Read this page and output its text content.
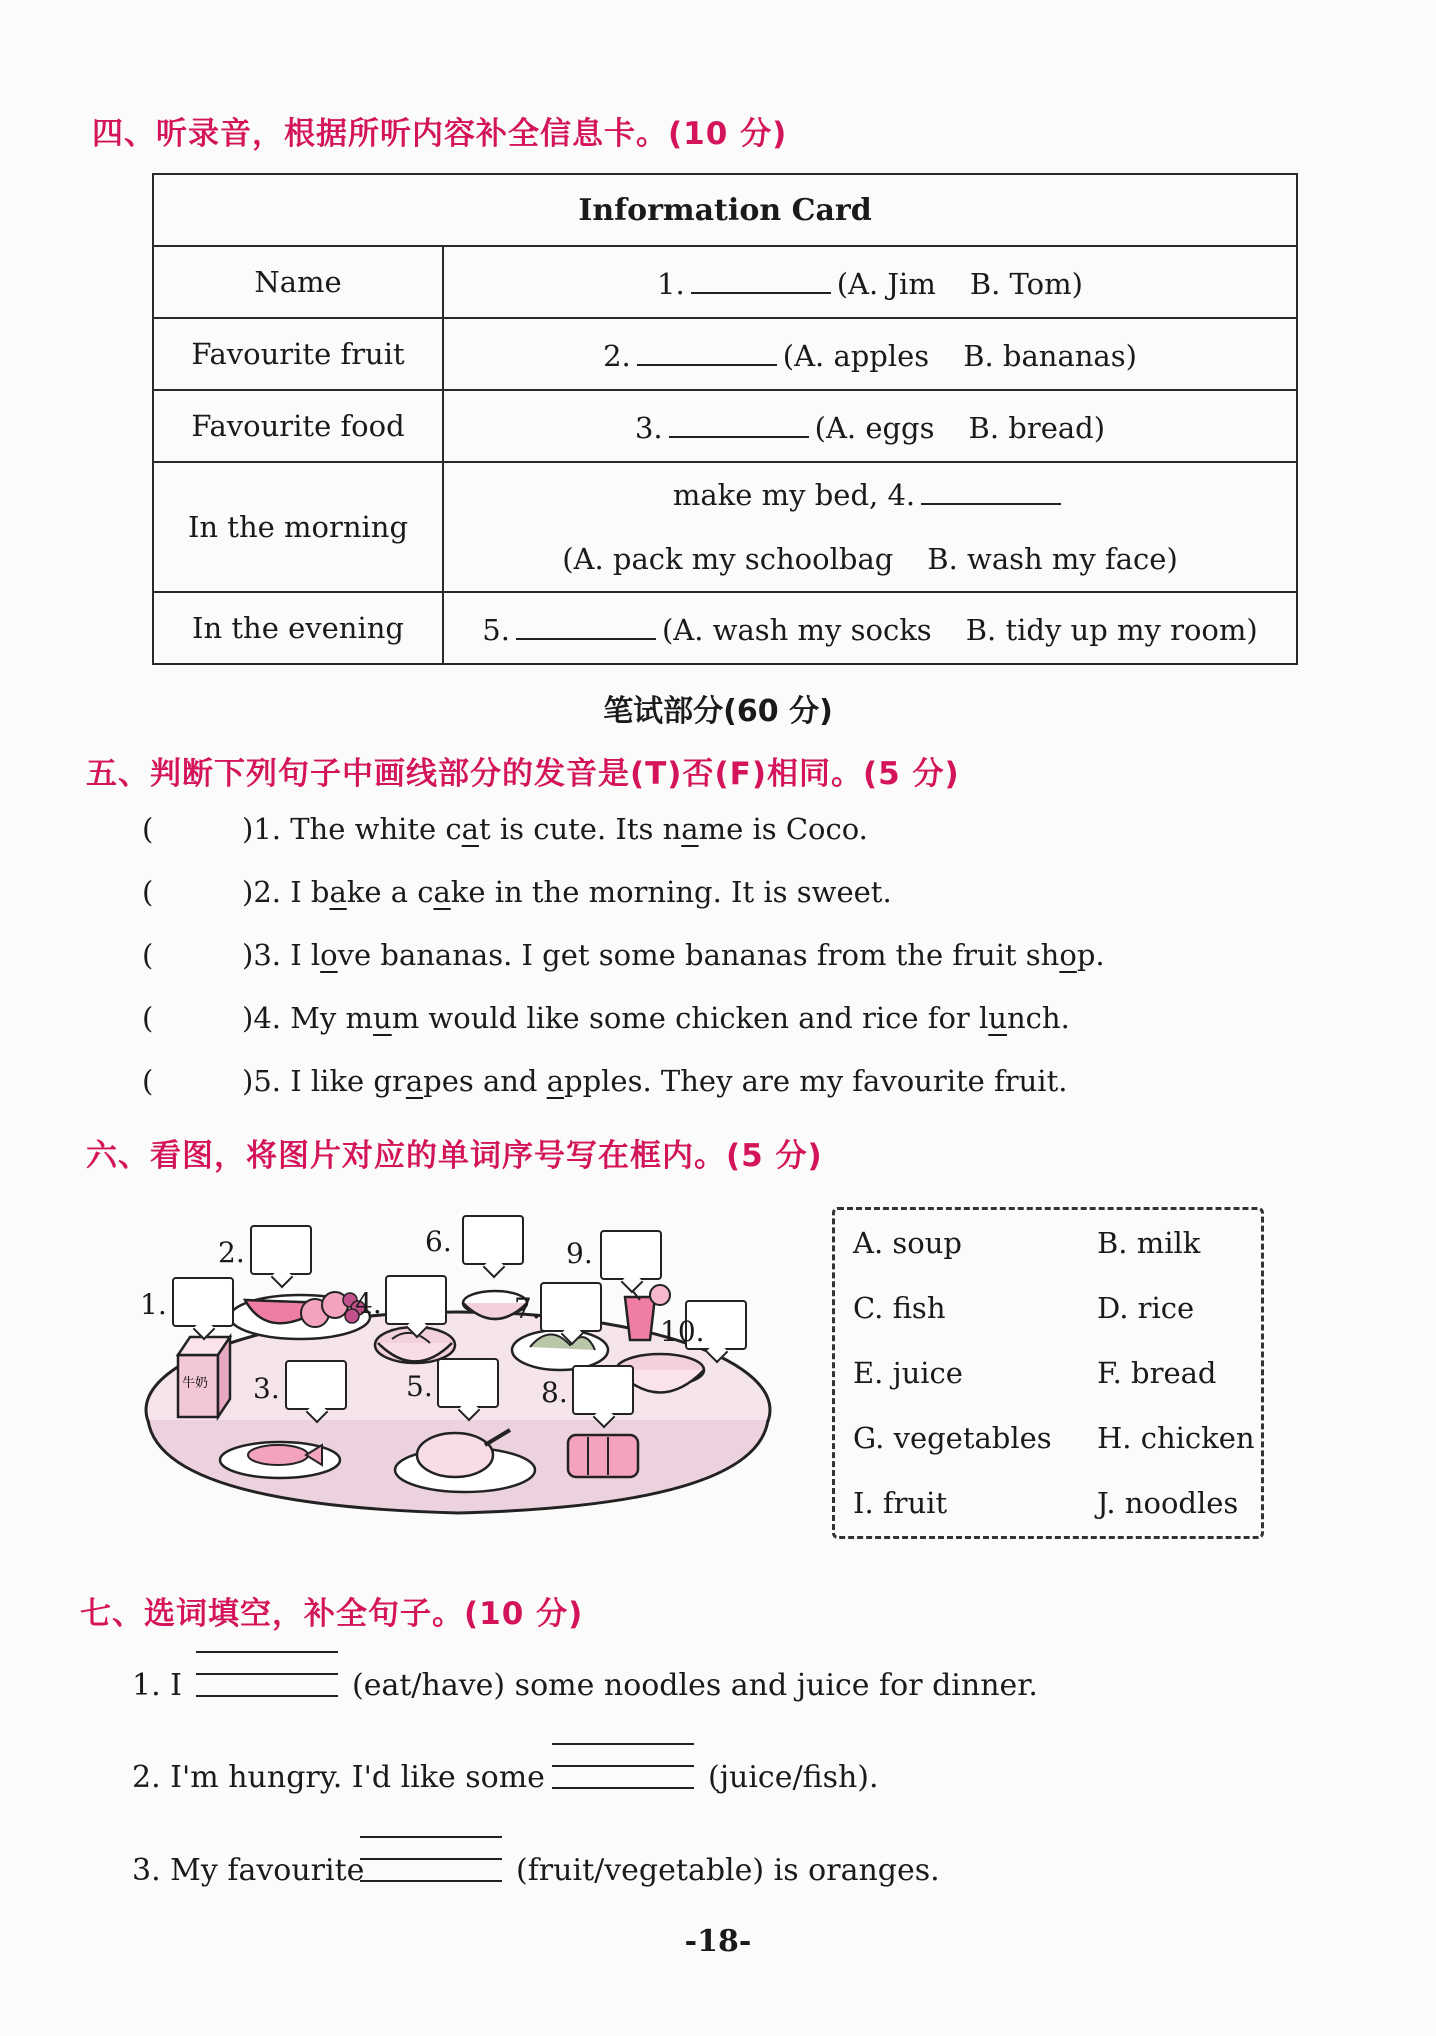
四、听录音，根据所听内容补全信息卡。(10 分)
Information Card	
Name	1. (A. Jim B. Tom)
Favourite fruit	2. (A. apples B. bananas)
Favourite food	3. (A. eggs B. bread)
In the morning	make my bed, 4.
(A. pack my schoolbag B. wash my face)

In the evening	5. (A. wash my socks B. tidy up my room)
笔试部分(60 分)
五、判断下列句子中画线部分的发音是(T)否(F)相同。(5 分)
(	)1. The white cat is cute. Its name is Coco.
(	)2. I bake a cake in the morning. It is sweet.
(	)3. I love bananas. I get some bananas from the fruit shop.
(	)4. My mum would like some chicken and rice for lunch.
(	)5. I like grapes and apples. They are my favourite fruit.
六、看图，将图片对应的单词序号写在框内。(5 分)
牛奶
2.
1.
6.	9.
4.	7.
3.	5.	8.
10.
A. soup	B. milk
C. fish	D. rice
E. juice	F. bread
G. vegetables H. chicken
I. fruit	J. noodles
七、选词填空，补全句子。(10 分)
1. I	(eat/have) some noodles and juice for dinner.
2. I'm hungry. I'd like some	(juice/fish).
3. My favourite	(fruit/vegetable) is oranges.
-18-
